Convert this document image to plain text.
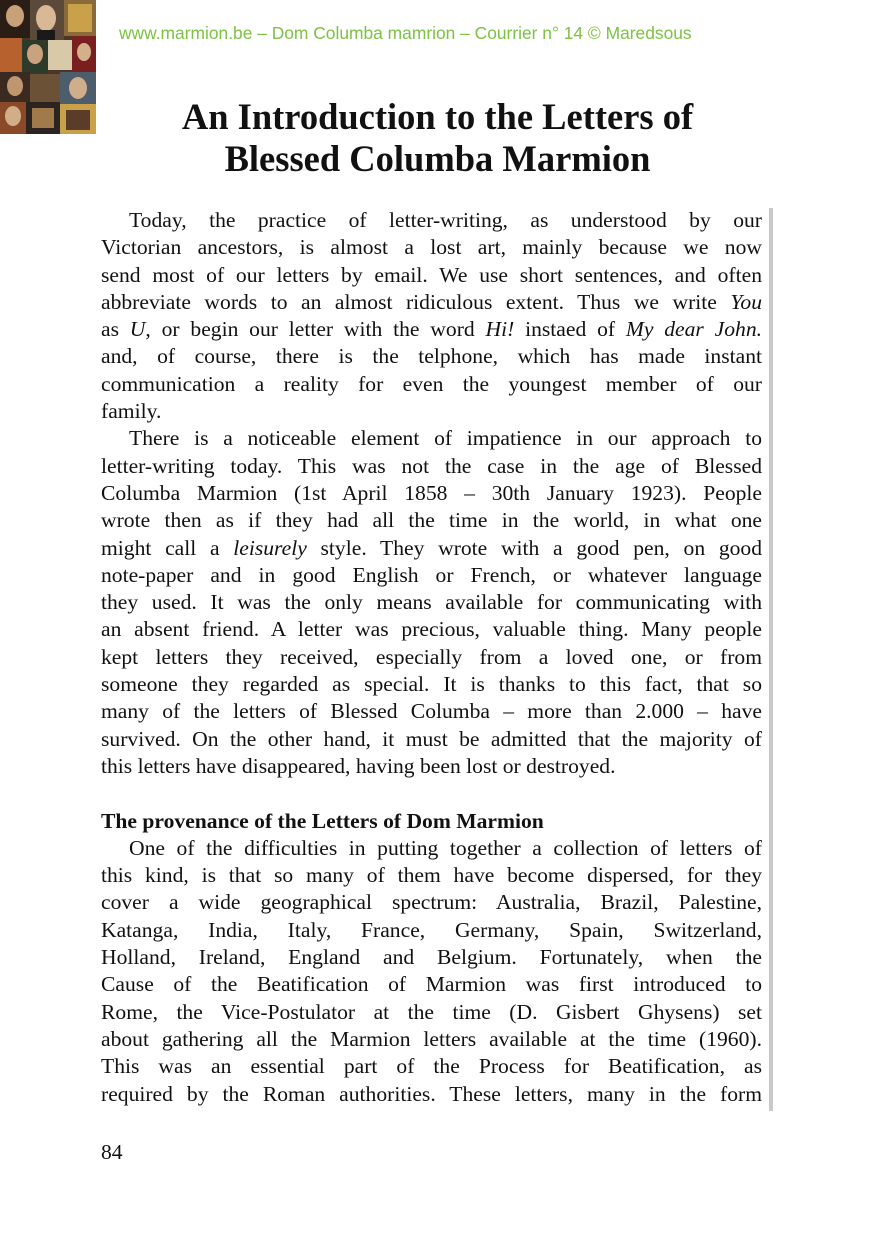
www.marmion.be – Dom Columba mamrion – Courrier n° 14 © Maredsous
An Introduction to the Letters of
Blessed Columba Marmion
Today, the practice of letter-writing, as understood by our
Victorian ancestors, is almost a lost art, mainly because we now
send most of our letters by email. We use short sentences, and often
abbreviate words to an almost ridiculous extent. Thus we write You
as U, or begin our letter with the word Hi! instaed of My dear John.
and, of course, there is the telphone, which has made instant
communication a reality for even the youngest member of our
family.
There is a noticeable element of impatience in our approach to
letter-writing today. This was not the case in the age of Blessed
Columba Marmion (1st April 1858 – 30th January 1923). People
wrote then as if they had all the time in the world, in what one
might call a leisurely style. They wrote with a good pen, on good
note-paper and in good English or French, or whatever language
they used. It was the only means available for communicating with
an absent friend. A letter was precious, valuable thing. Many people
kept letters they received, especially from a loved one, or from
someone they regarded as special. It is thanks to this fact, that so
many of the letters of Blessed Columba – more than 2.000 – have
survived. On the other hand, it must be admitted that the majority of
this letters have disappeared, having been lost or destroyed.
The provenance of the Letters of Dom Marmion
One of the difficulties in putting together a collection of letters of
this kind, is that so many of them have become dispersed, for they
cover a wide geographical spectrum: Australia, Brazil, Palestine,
Katanga, India, Italy, France, Germany, Spain, Switzerland,
Holland, Ireland, England and Belgium. Fortunately, when the
Cause of the Beatification of Marmion was first introduced to
Rome, the Vice-Postulator at the time (D. Gisbert Ghysens) set
about gathering all the Marmion letters available at the time (1960).
This was an essential part of the Process for Beatification, as
required by the Roman authorities. These letters, many in the form
84
